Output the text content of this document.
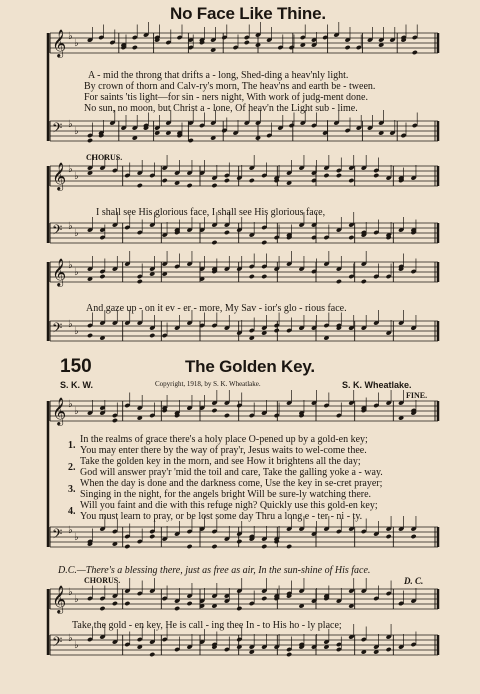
𝄞 ♭
♭
𝄢 ♭
♭
𝄞 ♭
♭
𝄢 ♭
♭
𝄞 ♭
♭
𝄢 ♭
♭
𝄞 ♭
♭
𝄢 ♭
♭
𝄞 ♭
♭
𝄢 ♭
♭
No Face Like Thine.
A - mid the throng that drifts a - long, Shed-ding a heav'nly light.
By crown of thorn and Calv-ry's morn, The heav'ns and earth be - tween.
For saints 'tis light—for sin - ners night, With work of judg-ment done.
No sun, no moon, but Christ a - lone, Of heav'n the Light sub - lime.
CHORUS.
I shall see His glorious face, I shall see His glorious face,
And gaze up - on it ev - er - more, My Sav - ior's glo - rious face.
150	The Golden Key.
S. K. W.	Copyright, 1918, by S. K. Wheatlake.	S. K. Wheatlake.
FINE.
1.
In the realms of grace there's a holy place O-pened up by a gold-en key;
You may enter there by the way of pray'r, Jesus waits to wel-come thee.
2.
Take the golden key in the morn, and see How it brightens all the day;
God will answer pray'r 'mid the toil and care, Take the galling yoke a - way.
3.
When the day is done and the darkness come, Use the key in se-cret prayer;
Singing in the night, for the angels bright Will be sure-ly watching there.
4.
Will you faint and die with this refuge nigh? Quickly use this gold-en key;
You must learn to pray, or be lost some day Thru a long e - ter - ni - ty.
D.C.—There's a blessing there, just as free as air, In the sun-shine of His face.
CHORUS.	D. C.
Take the gold - en key, He is call - ing thee In - to His ho - ly place;
